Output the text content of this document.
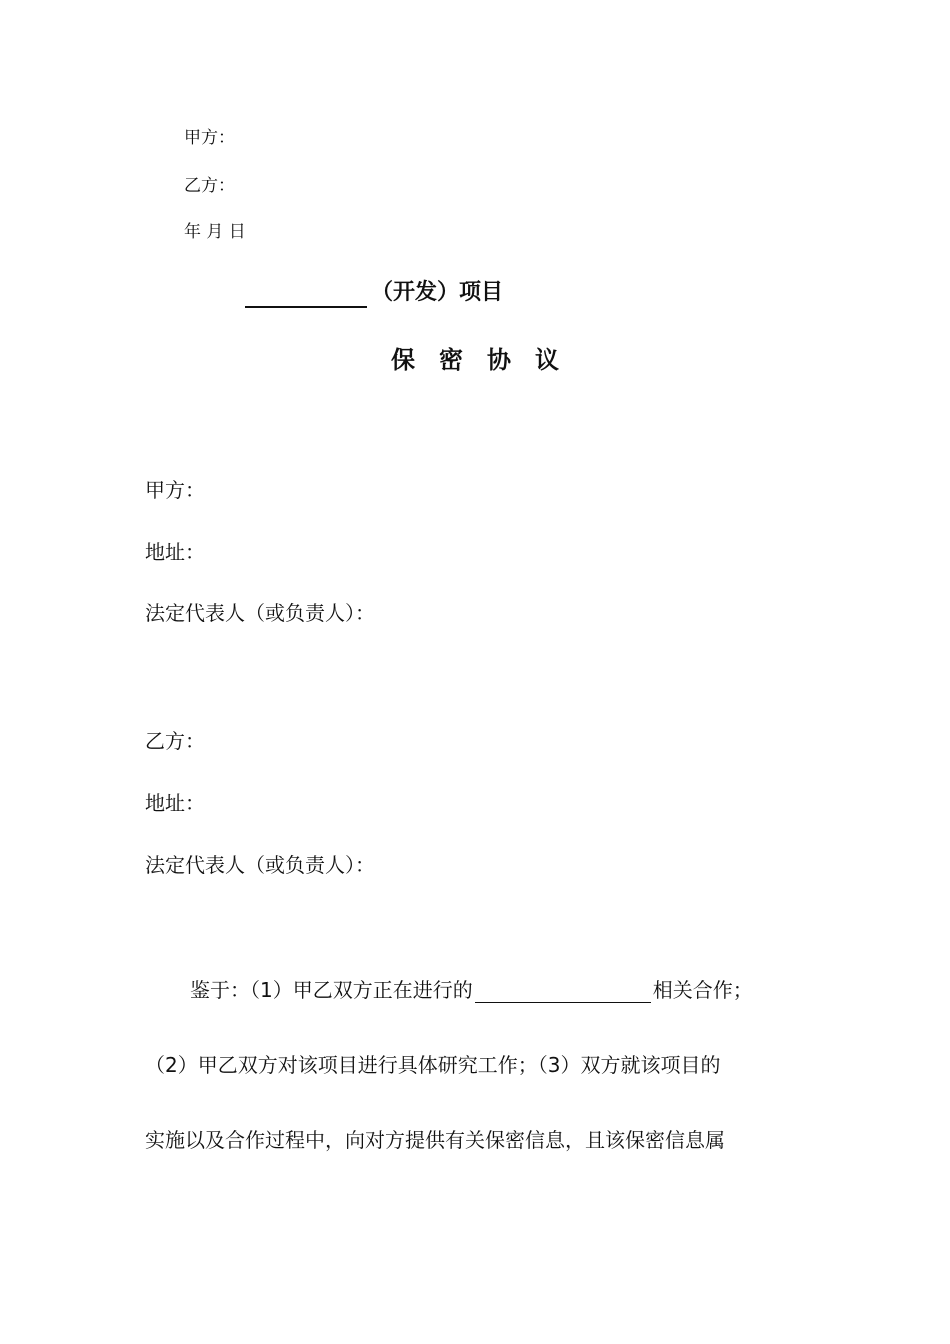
甲方：
乙方：
年 月 日
（开发）项目
保密协议
甲方：
地址：
法定代表人（或负责人）：
乙方：
地址：
法定代表人（或负责人）：
鉴于：（1）甲乙双方正在进行的	相关合作；
（2）甲乙双方对该项目进行具体研究工作；（3）双方就该项目的
实施以及合作过程中，向对方提供有关保密信息，且该保密信息属
